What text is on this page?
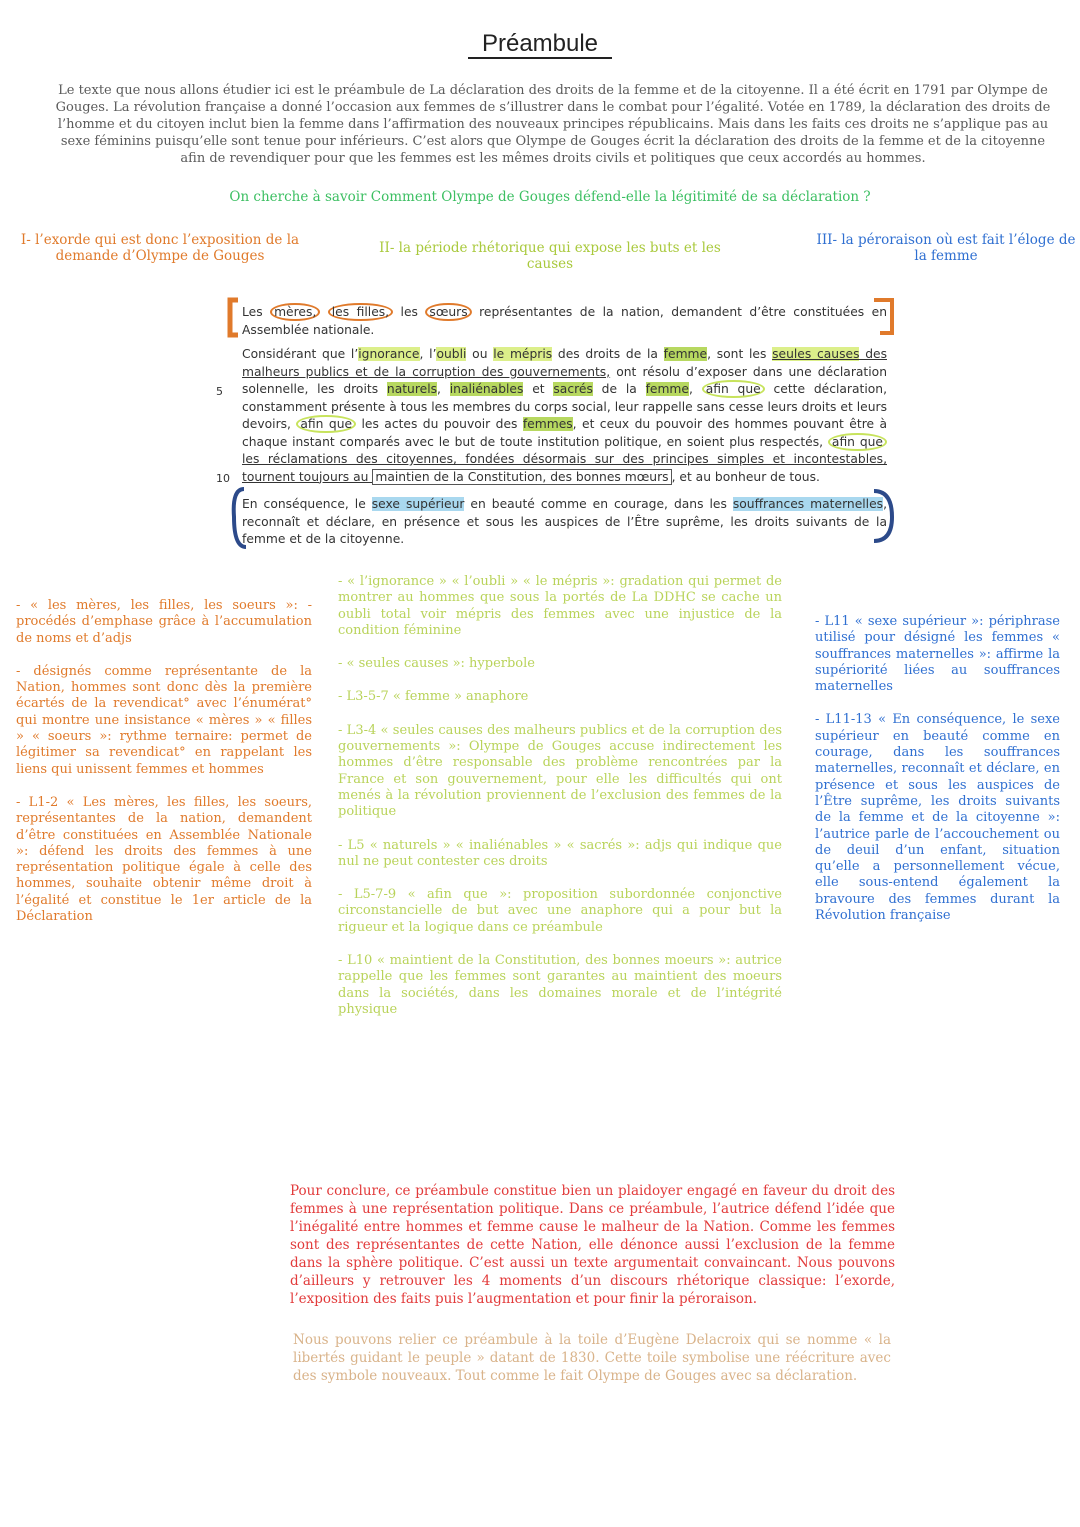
Préambule
Le texte que nous allons étudier ici est le préambule de La déclaration des droits de la femme et de la citoyenne. Il a été écrit en 1791 par Olympe de Gouges. La révolution française a donné l’occasion aux femmes de s’illustrer dans le combat pour l’égalité. Votée en 1789, la déclaration des droits de l’homme et du citoyen inclut bien la femme dans l’affirmation des nouveaux principes républicains. Mais dans les faits ces droits ne s’applique pas au sexe féminins puisqu’elle sont tenue pour inférieurs. C’est alors que Olympe de Gouges écrit la déclaration des droits de la femme et de la citoyenne afin de revendiquer pour que les femmes est les mêmes droits civils et politiques que ceux accordés au hommes.
On cherche à savoir Comment Olympe de Gouges défend-elle la légitimité de sa déclaration ?
I- l’exorde qui est donc l’exposition de la demande d’Olympe de Gouges	II- la période rhétorique qui expose les buts et les causes
III- la péroraison où est fait l’éloge de la femme
5
10
Les mères, les filles, les sœurs représentantes de la nation, demandent d’être constituées en Assemblée nationale.
Considérant que l’ignorance, l’oubli ou le mépris des droits de la femme, sont les seules causes des malheurs publics et de la corruption des gouvernements, ont résolu d’exposer dans une déclaration solennelle, les droits naturels, inaliénables et sacrés de la femme, afin que cette déclaration, constamment présente à tous les membres du corps social, leur rappelle sans cesse leurs droits et leurs devoirs, afin que les actes du pouvoir des femmes, et ceux du pouvoir des hommes pouvant être à chaque instant comparés avec le but de toute institution politique, en soient plus respectés, afin que les réclamations des citoyennes, fondées désormais sur des principes simples et incontestables, tournent toujours au maintien de la Constitution, des bonnes mœurs , et au bonheur de tous.
En conséquence, le sexe supérieur en beauté comme en courage, dans les souffrances maternelles, reconnaît et déclare, en présence et sous les auspices de l’Être suprême, les droits suivants de la femme et de la citoyenne.

- « les mères, les filles, les soeurs »: - procédés d’emphase grâce à l’accumulation de noms et d’adjs

- désignés comme représentante de la Nation, hommes sont donc dès la première écartés de la revendicat° avec l’énumérat° qui montre une insistance « mères » « filles » « soeurs »: rythme ternaire: permet de légitimer sa revendicat° en rappelant les liens qui unissent femmes et hommes

- L1-2 « Les mères, les filles, les soeurs, représentantes de la nation, demandent d’être constituées en Assemblée Nationale »: défend les droits des femmes à une représentation politique égale à celle des hommes, souhaite obtenir même droit à l’égalité et constitue le 1er article de la Déclaration

- « l’ignorance » « l’oubli » « le mépris »: gradation qui permet de montrer au hommes que sous la portés de La DDHC se cache un oubli total voir mépris des femmes avec une injustice de la condition féminine

- « seules causes »: hyperbole

- L3-5-7 « femme » anaphore

- L3-4 « seules causes des malheurs publics et de la corruption des gouvernements »: Olympe de Gouges accuse indirectement les hommes d’être responsable des problème rencontrées par la France et son gouvernement, pour elle les difficultés qui ont menés à la révolution proviennent de l’exclusion des femmes de la politique

- L5 « naturels » « inaliénables » « sacrés »: adjs qui indique que nul ne peut contester ces droits

- L5-7-9 « afin que »: proposition subordonnée conjonctive circonstancielle de but avec une anaphore qui a pour but la rigueur et la logique dans ce préambule

- L10 « maintient de la Constitution, des bonnes moeurs »: autrice rappelle que les femmes sont garantes au maintient des moeurs dans la sociétés, dans les domaines morale et de l’intégrité physique

- L11 « sexe supérieur »: périphrase utilisé pour désigné les femmes « souffrances maternelles »: affirme la supériorité liées au souffrances maternelles

- L11-13 « En conséquence, le sexe supérieur en beauté comme en courage, dans les souffrances maternelles, reconnaît et déclare, en présence et sous les auspices de l’Être suprême, les droits suivants de la femme et de la citoyenne »: l’autrice parle de l’accouchement ou de deuil d’un enfant, situation qu’elle a personnellement vécue, elle sous-entend également la bravoure des femmes durant la Révolution française

Pour conclure, ce préambule constitue bien un plaidoyer engagé en faveur du droit des femmes à une représentation politique. Dans ce préambule, l’autrice défend l’idée que l’inégalité entre hommes et femme cause le malheur de la Nation. Comme les femmes sont des représentantes de cette Nation, elle dénonce aussi l’exclusion de la femme dans la sphère politique. C’est aussi un texte argumentait convaincant. Nous pouvons d’ailleurs y retrouver les 4 moments d’un discours rhétorique classique: l’exorde, l’exposition des faits puis l’augmentation et pour finir la péroraison.
Nous pouvons relier ce préambule à la toile d’Eugène Delacroix qui se nomme « la libertés guidant le peuple » datant de 1830. Cette toile symbolise une réécriture avec des symbole nouveaux. Tout comme le fait Olympe de Gouges avec sa déclaration.
